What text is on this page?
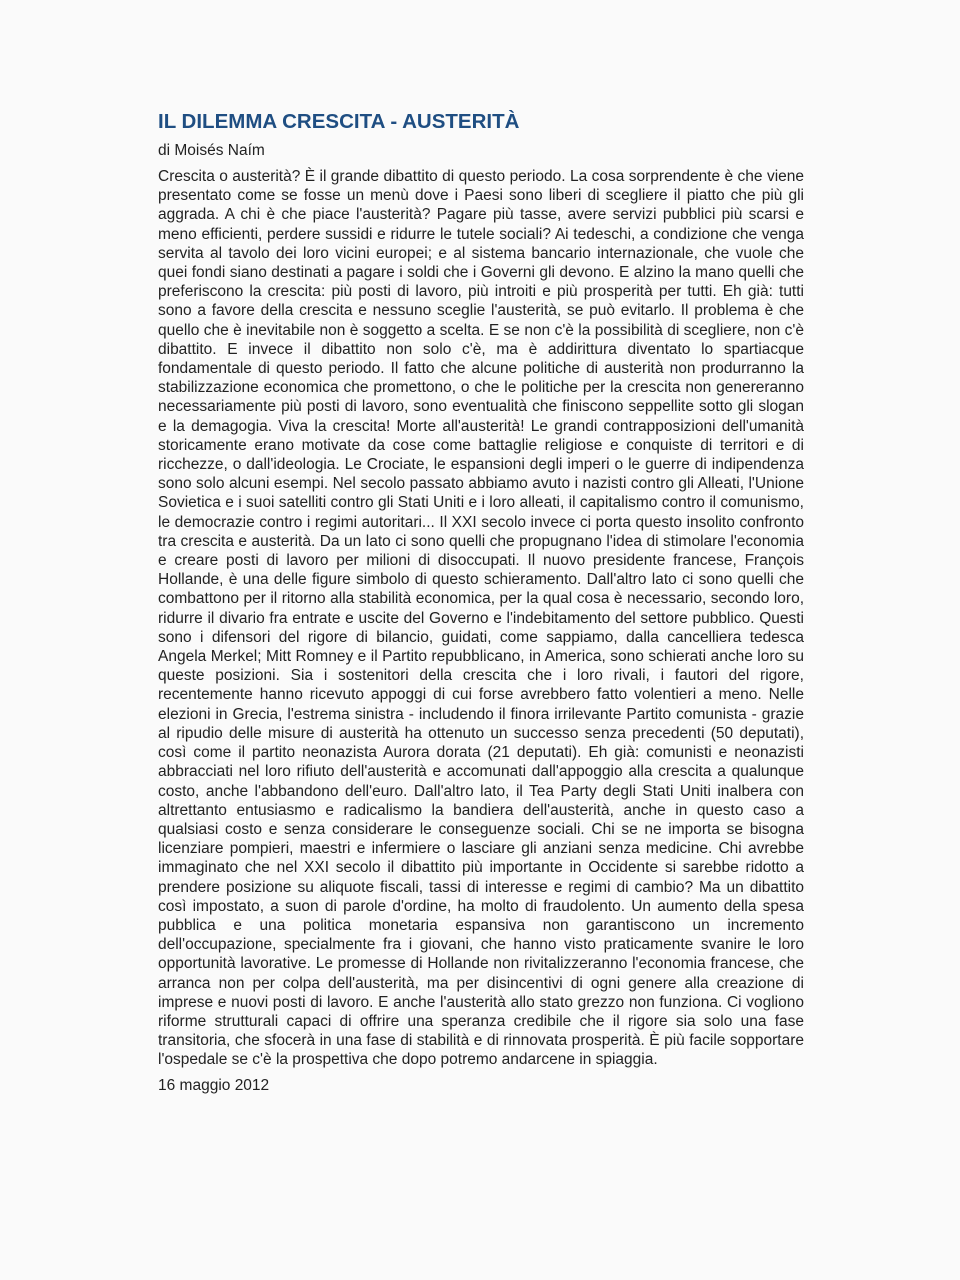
IL DILEMMA CRESCITA - AUSTERITÀ

di Moisés Naím

Crescita o austerità? È il grande dibattito di questo periodo. La cosa sorprendente è che viene presentato come se fosse un menù dove i Paesi sono liberi di scegliere il piatto che più gli aggrada. A chi è che piace l'austerità? Pagare più tasse, avere servizi pubblici più scarsi e meno efficienti, perdere sussidi e ridurre le tutele sociali? Ai tedeschi, a condizione che venga servita al tavolo dei loro vicini europei; e al sistema bancario internazionale, che vuole che quei fondi siano destinati a pagare i soldi che i Governi gli devono. E alzino la mano quelli che preferiscono la crescita: più posti di lavoro, più introiti e più prosperità per tutti. Eh già: tutti sono a favore della crescita e nessuno sceglie l'austerità, se può evitarlo. Il problema è che quello che è inevitabile non è soggetto a scelta. E se non c'è la possibilità di scegliere, non c'è dibattito. E invece il dibattito non solo c'è, ma è addirittura diventato lo spartiacque fondamentale di questo periodo. Il fatto che alcune politiche di austerità non produrranno la stabilizzazione economica che promettono, o che le politiche per la crescita non genereranno necessariamente più posti di lavoro, sono eventualità che finiscono seppellite sotto gli slogan e la demagogia. Viva la crescita! Morte all'austerità! Le grandi contrapposizioni dell'umanità storicamente erano motivate da cose come battaglie religiose e conquiste di territori e di ricchezze, o dall'ideologia. Le Crociate, le espansioni degli imperi o le guerre di indipendenza sono solo alcuni esempi. Nel secolo passato abbiamo avuto i nazisti contro gli Alleati, l'Unione Sovietica e i suoi satelliti contro gli Stati Uniti e i loro alleati, il capitalismo contro il comunismo, le democrazie contro i regimi autoritari... Il XXI secolo invece ci porta questo insolito confronto tra crescita e austerità. Da un lato ci sono quelli che propugnano l'idea di stimolare l'economia e creare posti di lavoro per milioni di disoccupati. Il nuovo presidente francese, François Hollande, è una delle figure simbolo di questo schieramento. Dall'altro lato ci sono quelli che combattono per il ritorno alla stabilità economica, per la qual cosa è necessario, secondo loro, ridurre il divario fra entrate e uscite del Governo e l'indebitamento del settore pubblico. Questi sono i difensori del rigore di bilancio, guidati, come sappiamo, dalla cancelliera tedesca Angela Merkel; Mitt Romney e il Partito repubblicano, in America, sono schierati anche loro su queste posizioni. Sia i sostenitori della crescita che i loro rivali, i fautori del rigore, recentemente hanno ricevuto appoggi di cui forse avrebbero fatto volentieri a meno. Nelle elezioni in Grecia, l'estrema sinistra - includendo il finora irrilevante Partito comunista - grazie al ripudio delle misure di austerità ha ottenuto un successo senza precedenti (50 deputati), così come il partito neonazista Aurora dorata (21 deputati). Eh già: comunisti e neonazisti abbracciati nel loro rifiuto dell'austerità e accomunati dall'appoggio alla crescita a qualunque costo, anche l'abbandono dell'euro. Dall'altro lato, il Tea Party degli Stati Uniti inalbera con altrettanto entusiasmo e radicalismo la bandiera dell'austerità, anche in questo caso a qualsiasi costo e senza considerare le conseguenze sociali. Chi se ne importa se bisogna licenziare pompieri, maestri e infermiere o lasciare gli anziani senza medicine. Chi avrebbe immaginato che nel XXI secolo il dibattito più importante in Occidente si sarebbe ridotto a prendere posizione su aliquote fiscali, tassi di interesse e regimi di cambio? Ma un dibattito così impostato, a suon di parole d'ordine, ha molto di fraudolento. Un aumento della spesa pubblica e una politica monetaria espansiva non garantiscono un incremento dell'occupazione, specialmente fra i giovani, che hanno visto praticamente svanire le loro opportunità lavorative. Le promesse di Hollande non rivitalizzeranno l'economia francese, che arranca non per colpa dell'austerità, ma per disincentivi di ogni genere alla creazione di imprese e nuovi posti di lavoro. E anche l'austerità allo stato grezzo non funziona. Ci vogliono riforme strutturali capaci di offrire una speranza credibile che il rigore sia solo una fase transitoria, che sfocerà in una fase di stabilità e di rinnovata prosperità. È più facile sopportare l'ospedale se c'è la prospettiva che dopo potremo andarcene in spiaggia.

16 maggio 2012
